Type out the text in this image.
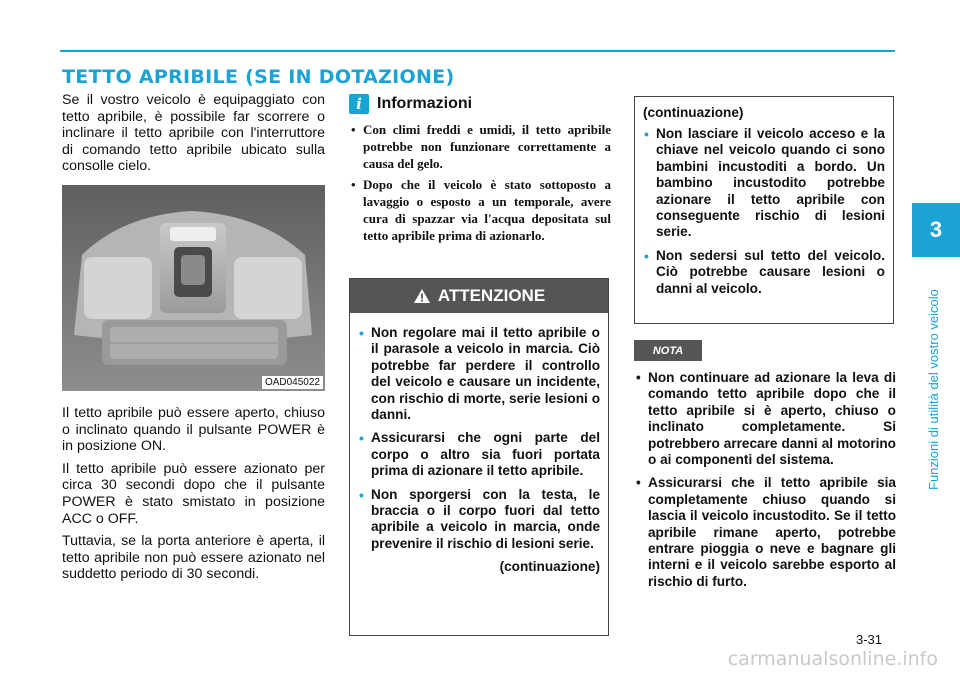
TETTO APRIBILE (SE IN DOTAZIONE)
3
Funzioni di utilità del vostro veicolo

Se il vostro veicolo è equipaggiato con tetto apribile, è possibile far scorrere o inclinare il tetto apribile con l'interruttore di comando tetto apribile ubicato sulla consolle cielo.

OAD045022

Il tetto apribile può essere aperto, chiuso o inclinato quando il pulsante POWER è in posizione ON.

Il tetto apribile può essere azionato per circa 30 secondi dopo che il pulsante POWER è stato smistato in posizione ACC o OFF.

Tuttavia, se la porta anteriore è aperta, il tetto apribile non può essere azionato nel suddetto periodo di 30 secondi.

i Informazioni
• Con climi freddi e umidi, il tetto apribile potrebbe non funzionare correttamente a causa del gelo.
• Dopo che il veicolo è stato sottoposto a lavaggio o esposto a un temporale, avere cura di spazzar via l'acqua depositata sul tetto apribile prima di azionarlo.
ATTENZIONE
• Non regolare mai il tetto apribile o il parasole a veicolo in marcia. Ciò potrebbe far perdere il controllo del veicolo e causare un incidente, con rischio di morte, serie lesioni o danni.
• Assicurarsi che ogni parte del corpo o altro sia fuori portata prima di azionare il tetto apribile.
• Non sporgersi con la testa, le braccia o il corpo fuori dal tetto apribile a veicolo in marcia, onde prevenire il rischio di lesioni serie.
(continuazione)
(continuazione)
• Non lasciare il veicolo acceso e la chiave nel veicolo quando ci sono bambini incustoditi a bordo. Un bambino incustodito potrebbe azionare il tetto apribile con conseguente rischio di lesioni serie.
• Non sedersi sul tetto del veicolo. Ciò potrebbe causare lesioni o danni al veicolo.
NOTA
• Non continuare ad azionare la leva di comando tetto apribile dopo che il tetto apribile si è aperto, chiuso o inclinato completamente. Si potrebbero arrecare danni al motorino o ai componenti del sistema.
• Assicurarsi che il tetto apribile sia completamente chiuso quando si lascia il veicolo incustodito. Se il tetto apribile rimane aperto, potrebbe entrare pioggia o neve e bagnare gli interni e il veicolo sarebbe esporto al rischio di furto.
3-31
carmanualsonline.info
